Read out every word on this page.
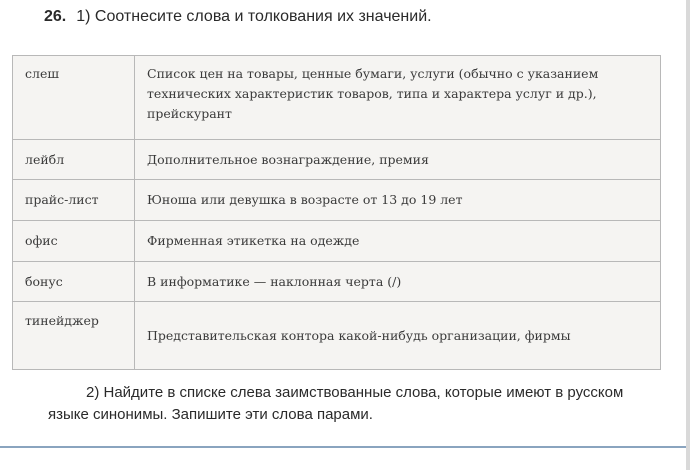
26. 1) Соотнесите слова и толкования их значений.
слеш	Список цен на товары, ценные бумаги, услуги (обычно с указанием технических характеристик товаров, типа и характера услуг и др.), прейскурант
лейбл	Дополнительное вознаграждение, премия
прайс-лист	Юноша или девушка в возрасте от 13 до 19 лет
офис	Фирменная этикетка на одежде
бонус	В информатике — наклонная черта (/)
тинейджер	Представительская контора какой-нибудь организации, фирмы
2) Найдите в списке слева заимствованные слова, которые имеют в русском языке синонимы. Запишите эти слова парами.
